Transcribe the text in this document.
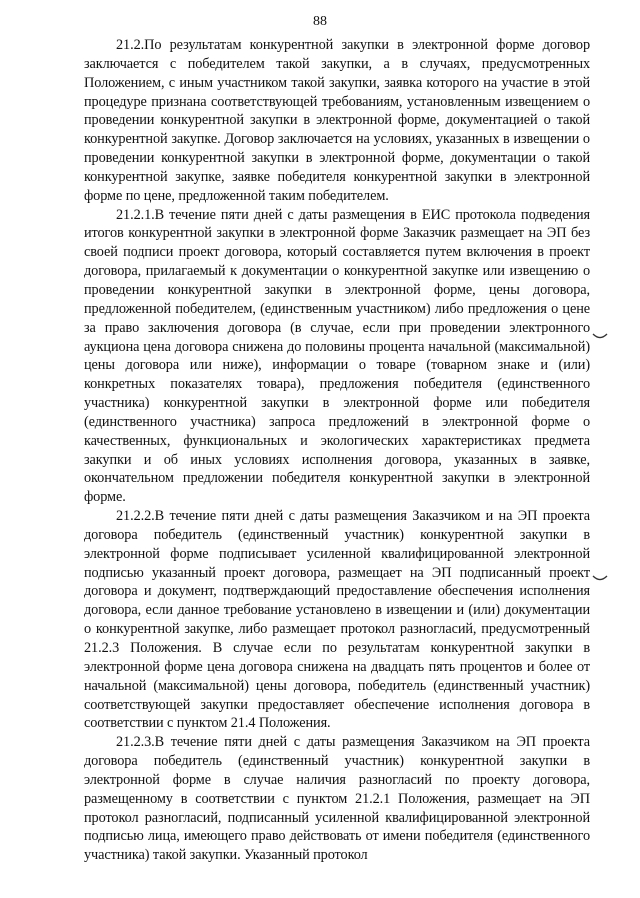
88

21.2.По результатам конкурентной закупки в электронной форме договор заключается с победителем такой закупки, а в случаях, предусмотренных Положением, с иным участником такой закупки, заявка которого на участие в этой процедуре признана соответствующей требованиям, установленным извещением о проведении конкурентной закупки в электронной форме, документацией о такой конкурентной закупке. Договор заключается на условиях, указанных в извещении о проведении конкурентной закупки в электронной форме, документации о такой конкурентной закупке, заявке победителя конкурентной закупки в электронной форме по цене, предложенной таким победителем.

21.2.1.В течение пяти дней с даты размещения в ЕИС протокола подведения итогов конкурентной закупки в электронной форме Заказчик размещает на ЭП без своей подписи проект договора, который составляется путем включения в проект договора, прилагаемый к документации о конкурентной закупке или извещению о проведении конкурентной закупки в электронной форме, цены договора, предложенной победителем, (единственным участником) либо предложения о цене за право заключения договора (в случае, если при проведении электронного аукциона цена договора снижена до половины процента начальной (максимальной) цены договора или ниже), информации о товаре (товарном знаке и (или) конкретных показателях товара), предложения победителя (единственного участника) конкурентной закупки в электронной форме или победителя (единственного участника) запроса предложений в электронной форме о качественных, функциональных и экологических характеристиках предмета закупки и об иных условиях исполнения договора, указанных в заявке, окончательном предложении победителя конкурентной закупки в электронной форме.

21.2.2.В течение пяти дней с даты размещения Заказчиком и на ЭП проекта договора победитель (единственный участник) конкурентной закупки в электронной форме подписывает усиленной квалифицированной электронной подписью указанный проект договора, размещает на ЭП подписанный проект договора и документ, подтверждающий предоставление обеспечения исполнения договора, если данное требование установлено в извещении и (или) документации о конкурентной закупке, либо размещает протокол разногласий, предусмотренный 21.2.3 Положения. В случае если по результатам конкурентной закупки в электронной форме цена договора снижена на двадцать пять процентов и более от начальной (максимальной) цены договора, победитель (единственный участник) соответствующей закупки предоставляет обеспечение исполнения договора в соответствии с пунктом 21.4 Положения.

21.2.3.В течение пяти дней с даты размещения Заказчиком на ЭП проекта договора победитель (единственный участник) конкурентной закупки в электронной форме в случае наличия разногласий по проекту договора, размещенному в соответствии с пунктом 21.2.1 Положения, размещает на ЭП протокол разногласий, подписанный усиленной квалифицированной электронной подписью лица, имеющего право действовать от имени победителя (единственного участника) такой закупки. Указанный протокол
